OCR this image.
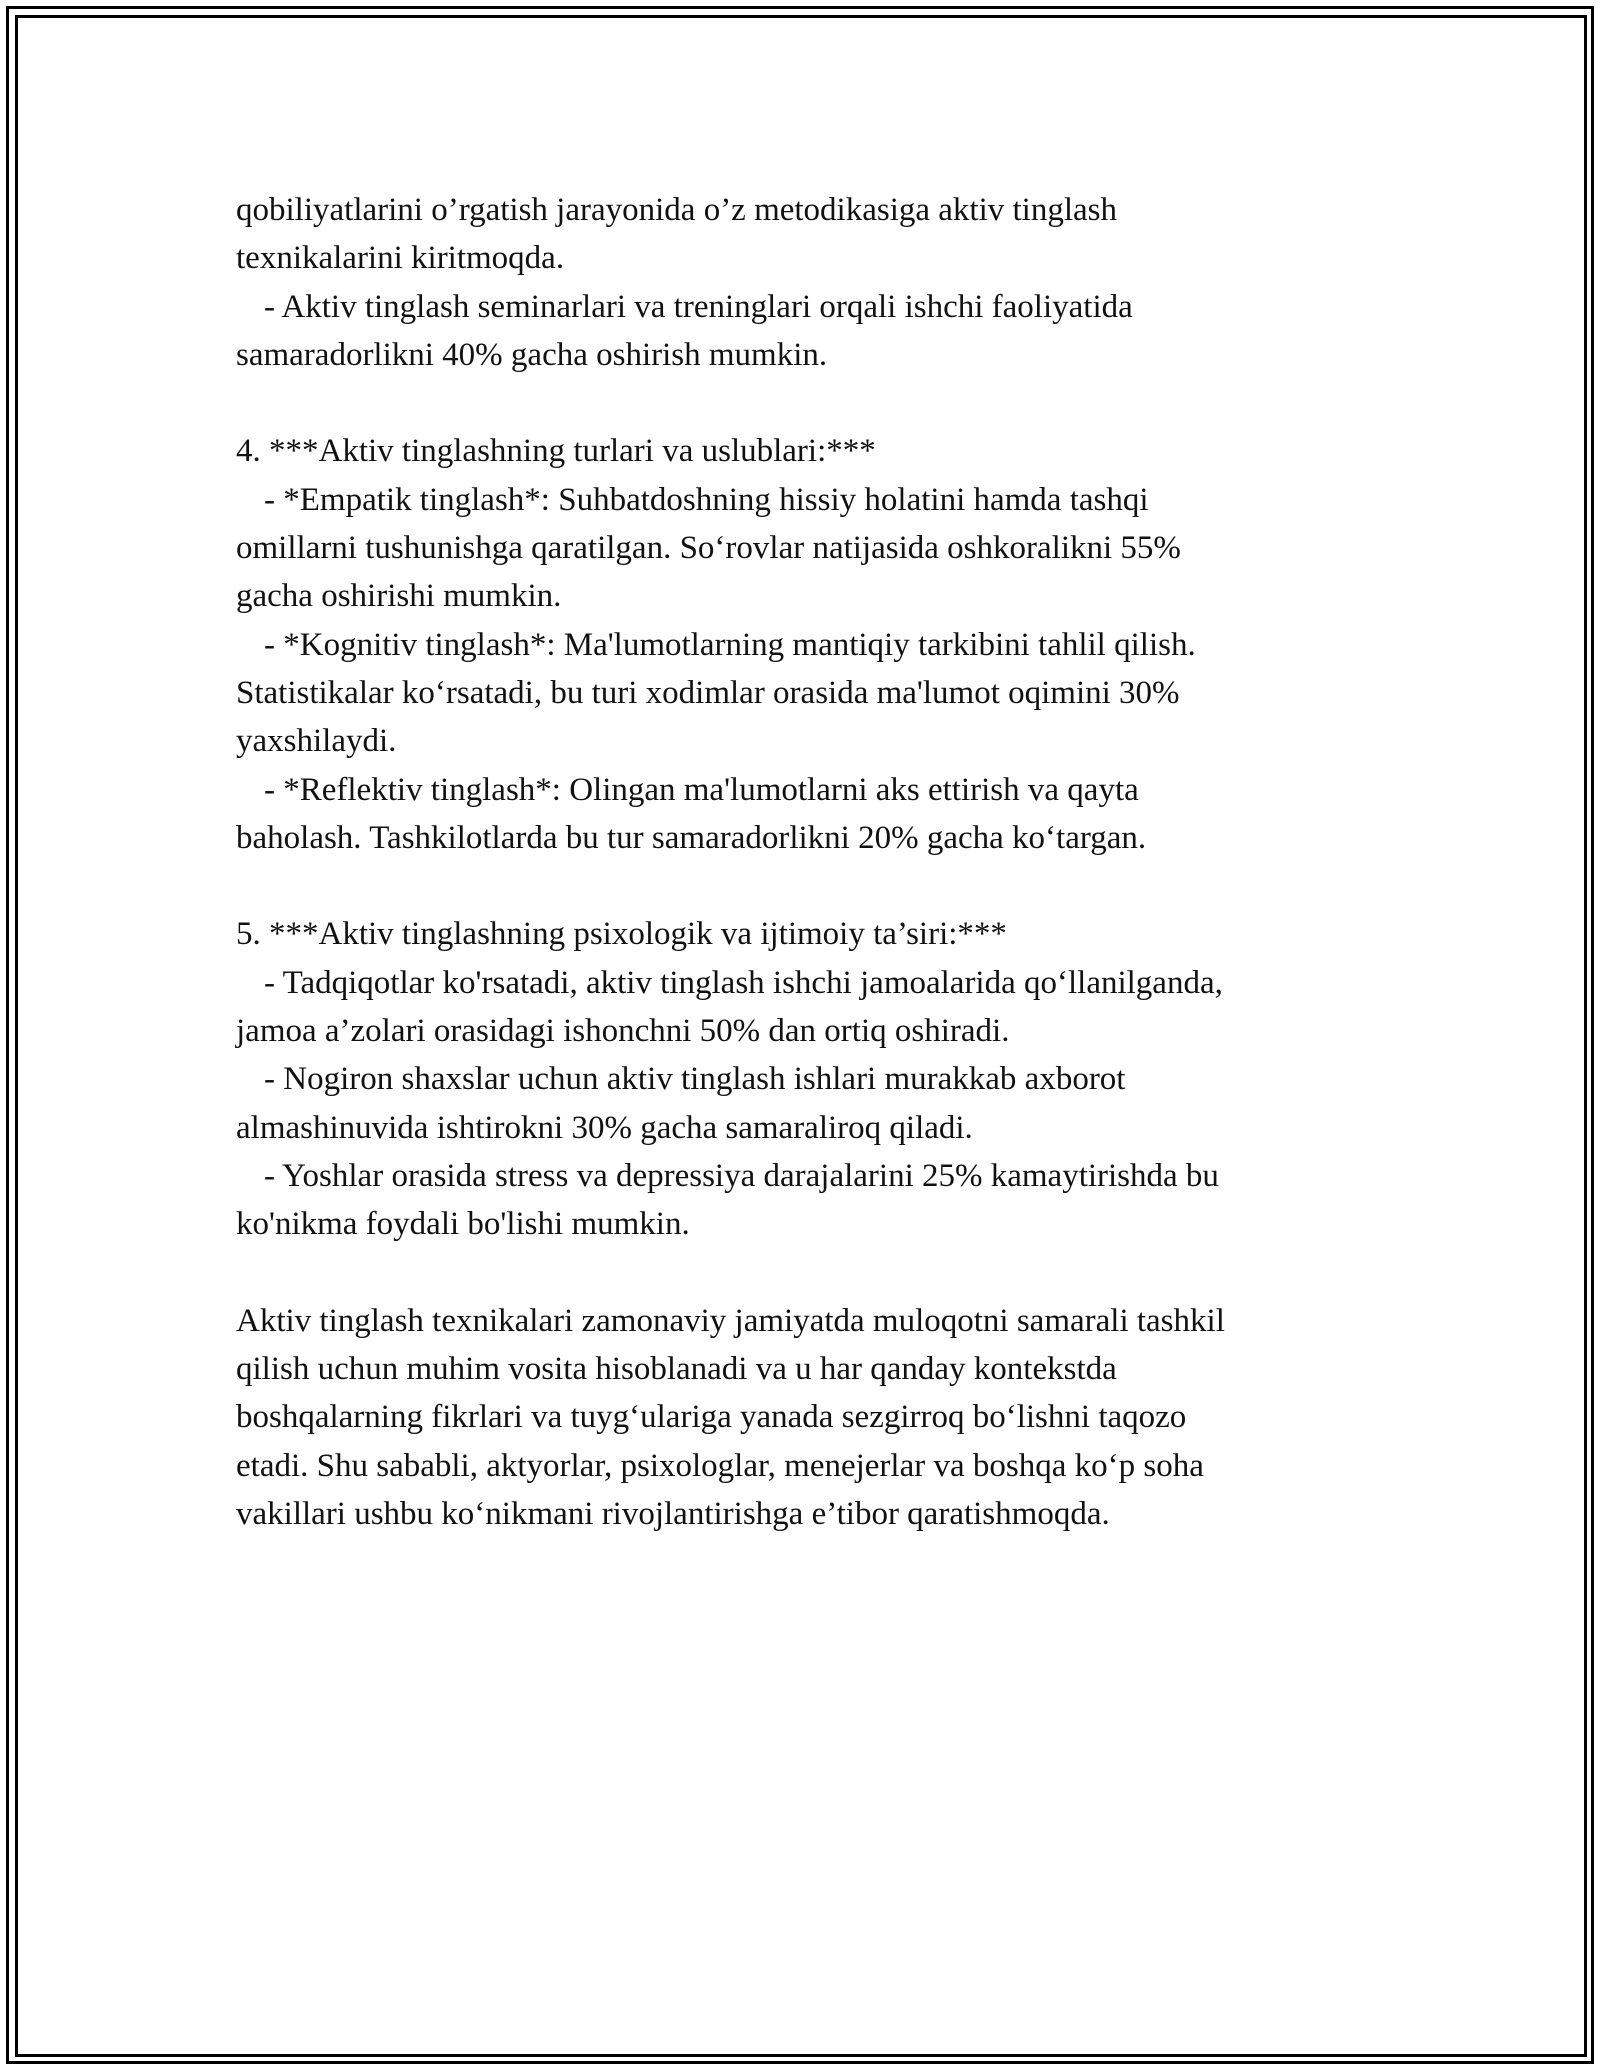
qobiliyatlarini o’rgatish jarayonida o’z metodikasiga aktiv tinglash

texnikalarini kiritmoqda.

- Aktiv tinglash seminarlari va treninglari orqali ishchi faoliyatida

samaradorlikni 40% gacha oshirish mumkin.

4. ***Aktiv tinglashning turlari va uslublari:***

- *Empatik tinglash*: Suhbatdoshning hissiy holatini hamda tashqi

omillarni tushunishga qaratilgan. So‘rovlar natijasida oshkoralikni 55%

gacha oshirishi mumkin.

- *Kognitiv tinglash*: Ma'lumotlarning mantiqiy tarkibini tahlil qilish.

Statistikalar ko‘rsatadi, bu turi xodimlar orasida ma'lumot oqimini 30%

yaxshilaydi.

- *Reflektiv tinglash*: Olingan ma'lumotlarni aks ettirish va qayta

baholash. Tashkilotlarda bu tur samaradorlikni 20% gacha ko‘targan.

5. ***Aktiv tinglashning psixologik va ijtimoiy ta’siri:***

- Tadqiqotlar ko'rsatadi, aktiv tinglash ishchi jamoalarida qo‘llanilganda,

jamoa a’zolari orasidagi ishonchni 50% dan ortiq oshiradi.

- Nogiron shaxslar uchun aktiv tinglash ishlari murakkab axborot

almashinuvida ishtirokni 30% gacha samaraliroq qiladi.

- Yoshlar orasida stress va depressiya darajalarini 25% kamaytirishda bu

ko'nikma foydali bo'lishi mumkin.

Aktiv tinglash texnikalari zamonaviy jamiyatda muloqotni samarali tashkil

qilish uchun muhim vosita hisoblanadi va u har qanday kontekstda

boshqalarning fikrlari va tuyg‘ulariga yanada sezgirroq bo‘lishni taqozo

etadi. Shu sababli, aktyorlar, psixologlar, menejerlar va boshqa ko‘p soha

vakillari ushbu ko‘nikmani rivojlantirishga e’tibor qaratishmoqda.
